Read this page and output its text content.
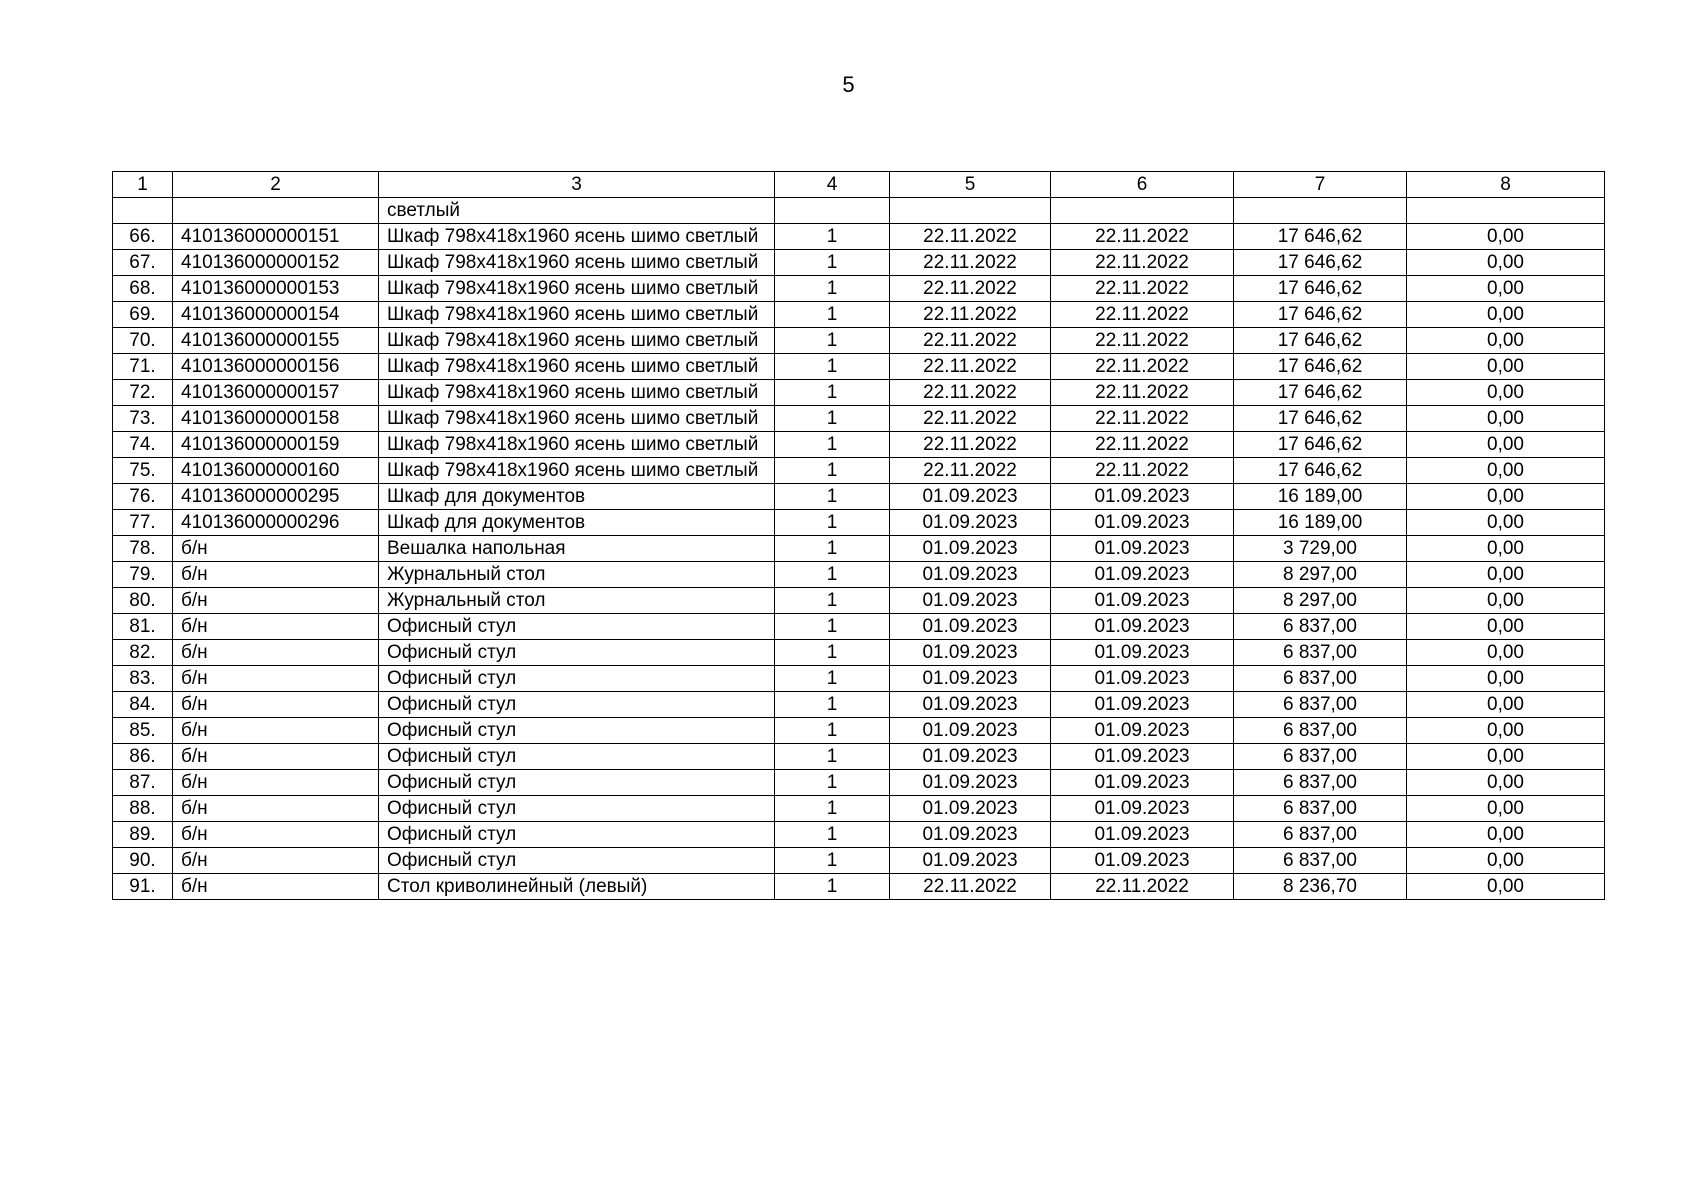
5
1	2	3	4	5	6	7	8
		светлый					
66.	410136000000151	Шкаф 798х418х1960 ясень шимо светлый	1	22.11.2022	22.11.2022	17 646,62	0,00
67.	410136000000152	Шкаф 798х418х1960 ясень шимо светлый	1	22.11.2022	22.11.2022	17 646,62	0,00
68.	410136000000153	Шкаф 798х418х1960 ясень шимо светлый	1	22.11.2022	22.11.2022	17 646,62	0,00
69.	410136000000154	Шкаф 798х418х1960 ясень шимо светлый	1	22.11.2022	22.11.2022	17 646,62	0,00
70.	410136000000155	Шкаф 798х418х1960 ясень шимо светлый	1	22.11.2022	22.11.2022	17 646,62	0,00
71.	410136000000156	Шкаф 798х418х1960 ясень шимо светлый	1	22.11.2022	22.11.2022	17 646,62	0,00
72.	410136000000157	Шкаф 798х418х1960 ясень шимо светлый	1	22.11.2022	22.11.2022	17 646,62	0,00
73.	410136000000158	Шкаф 798х418х1960 ясень шимо светлый	1	22.11.2022	22.11.2022	17 646,62	0,00
74.	410136000000159	Шкаф 798х418х1960 ясень шимо светлый	1	22.11.2022	22.11.2022	17 646,62	0,00
75.	410136000000160	Шкаф 798х418х1960 ясень шимо светлый	1	22.11.2022	22.11.2022	17 646,62	0,00
76.	410136000000295	Шкаф для документов	1	01.09.2023	01.09.2023	16 189,00	0,00
77.	410136000000296	Шкаф для документов	1	01.09.2023	01.09.2023	16 189,00	0,00
78.	б/н	Вешалка напольная	1	01.09.2023	01.09.2023	3 729,00	0,00
79.	б/н	Журнальный стол	1	01.09.2023	01.09.2023	8 297,00	0,00
80.	б/н	Журнальный стол	1	01.09.2023	01.09.2023	8 297,00	0,00
81.	б/н	Офисный стул	1	01.09.2023	01.09.2023	6 837,00	0,00
82.	б/н	Офисный стул	1	01.09.2023	01.09.2023	6 837,00	0,00
83.	б/н	Офисный стул	1	01.09.2023	01.09.2023	6 837,00	0,00
84.	б/н	Офисный стул	1	01.09.2023	01.09.2023	6 837,00	0,00
85.	б/н	Офисный стул	1	01.09.2023	01.09.2023	6 837,00	0,00
86.	б/н	Офисный стул	1	01.09.2023	01.09.2023	6 837,00	0,00
87.	б/н	Офисный стул	1	01.09.2023	01.09.2023	6 837,00	0,00
88.	б/н	Офисный стул	1	01.09.2023	01.09.2023	6 837,00	0,00
89.	б/н	Офисный стул	1	01.09.2023	01.09.2023	6 837,00	0,00
90.	б/н	Офисный стул	1	01.09.2023	01.09.2023	6 837,00	0,00
91.	б/н	Стол криволинейный (левый)	1	22.11.2022	22.11.2022	8 236,70	0,00
